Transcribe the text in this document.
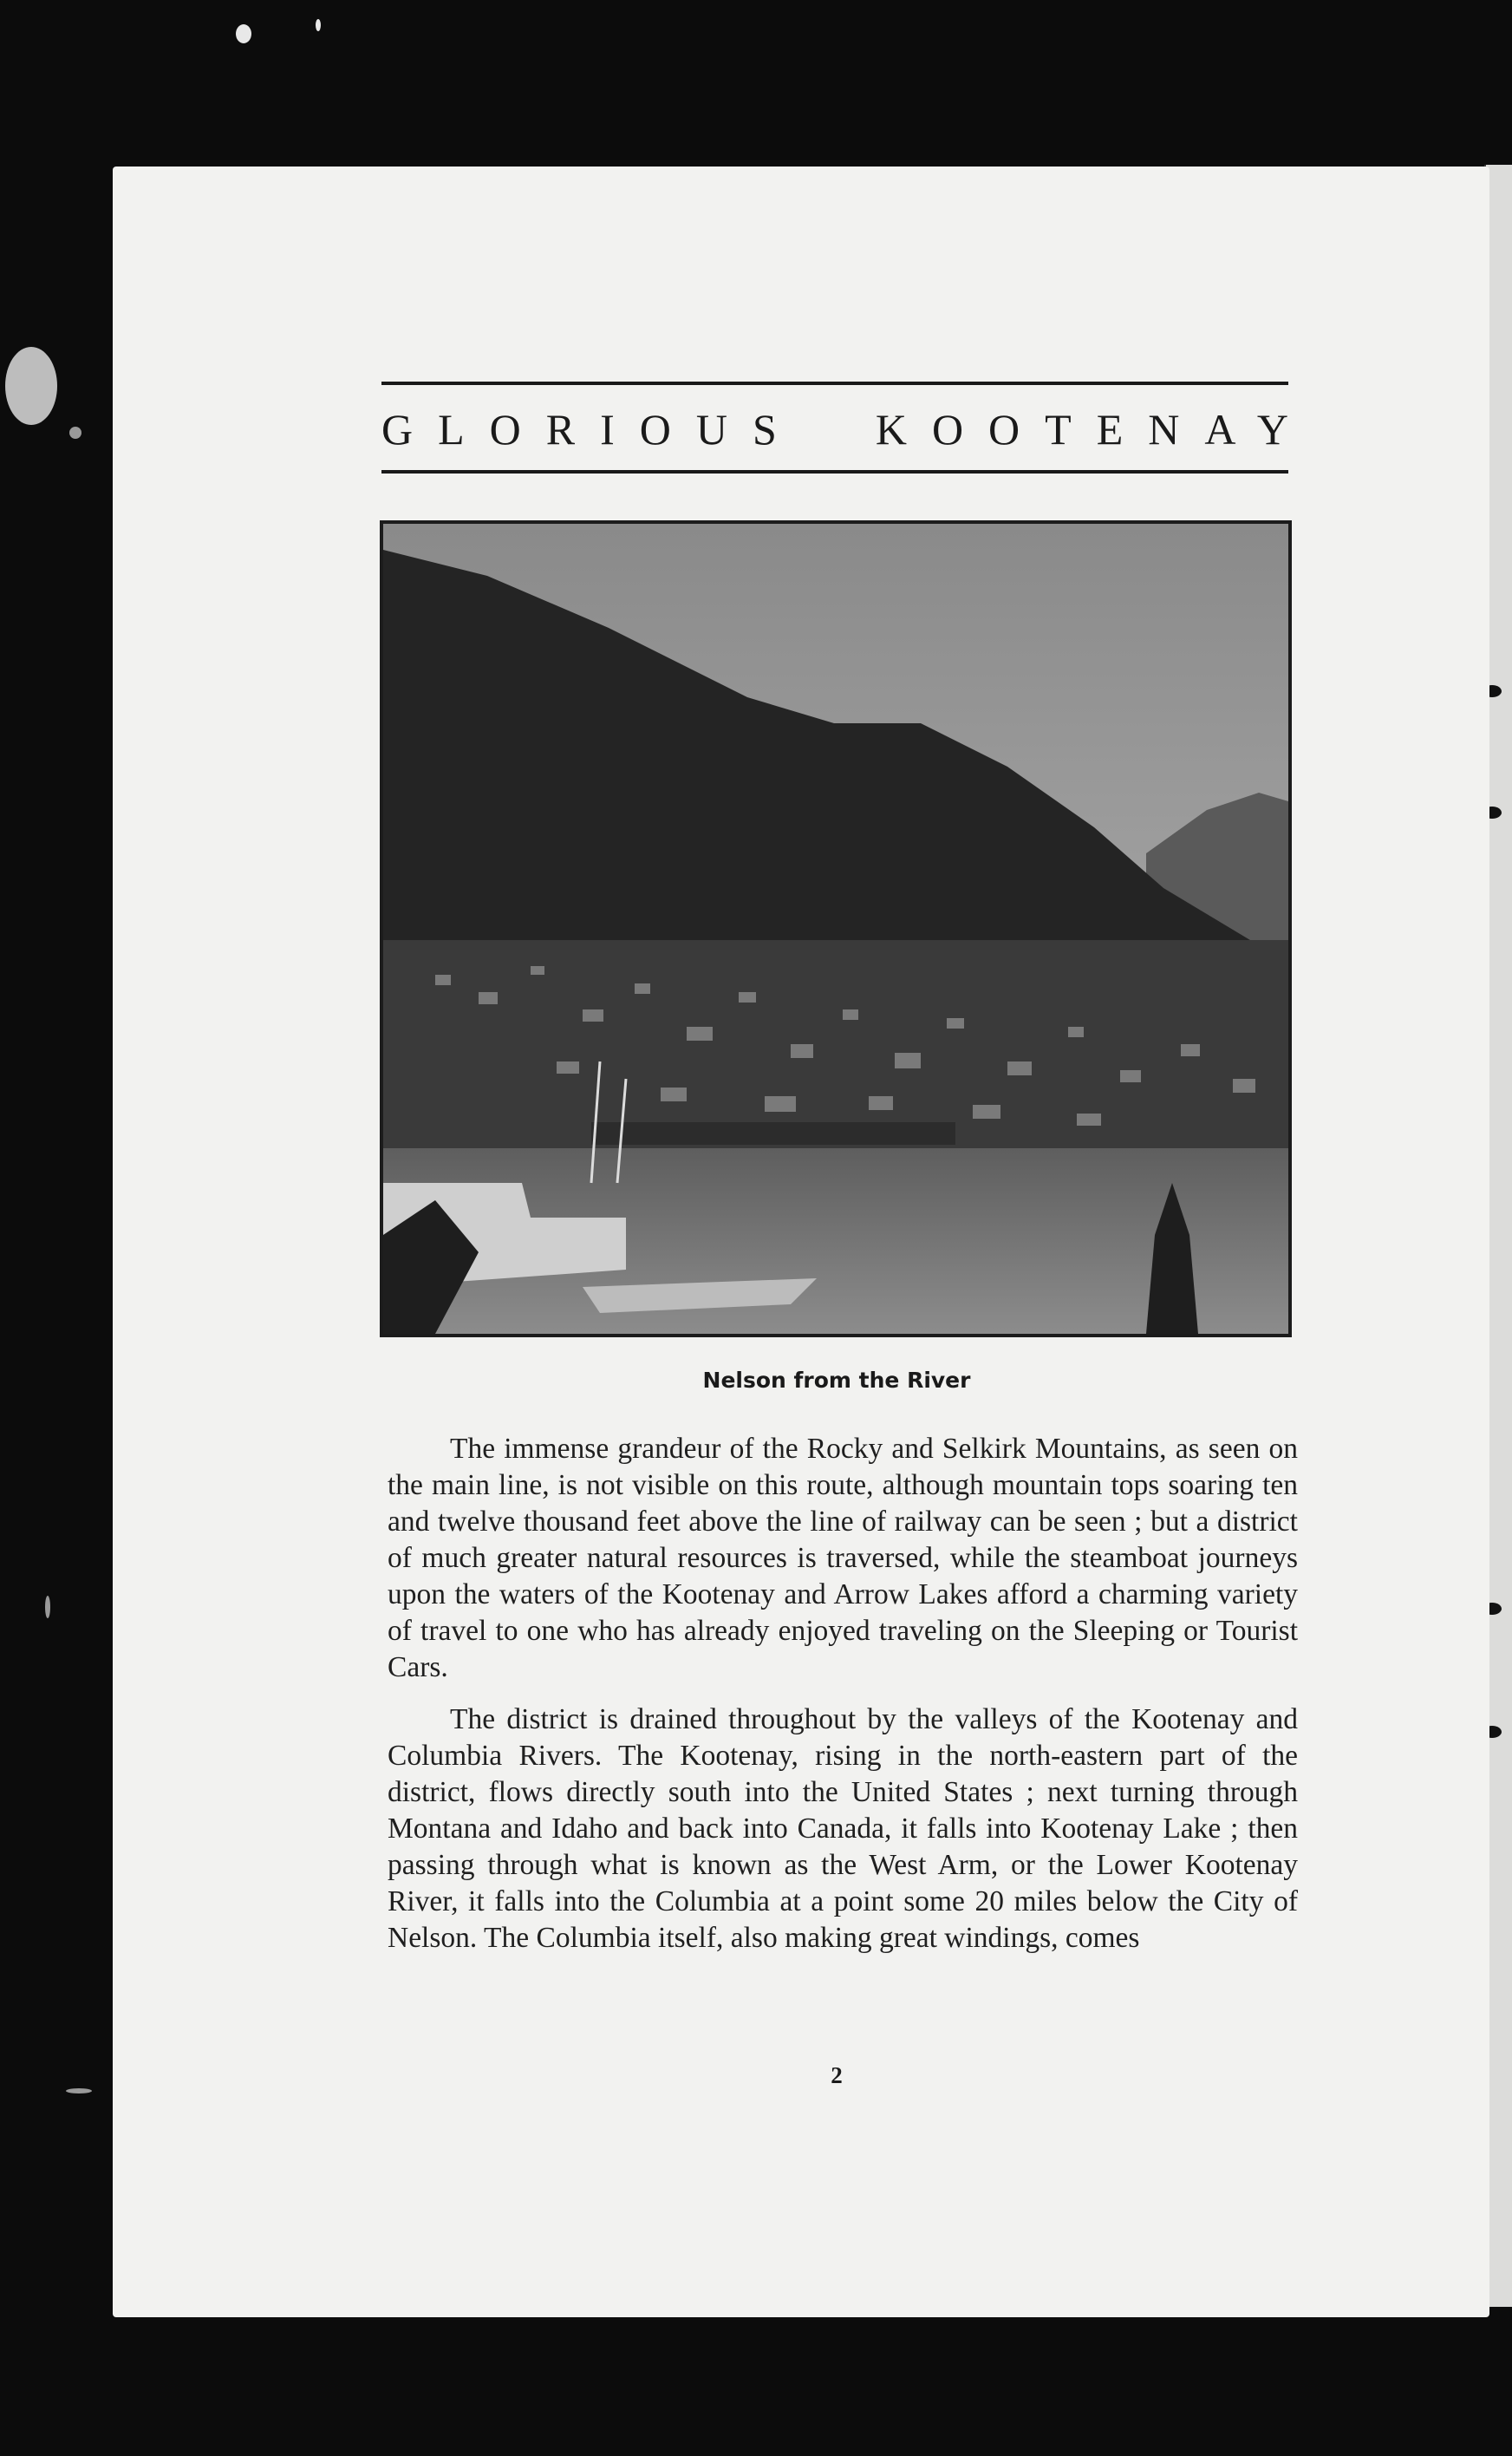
GLORIOUS KOOTENAY
Nelson from the River

The immense grandeur of the Rocky and Selkirk Mountains, as seen on the main line, is not visible on this route, although mountain tops soaring ten and twelve thousand feet above the line of railway can be seen ; but a district of much greater natural resources is traversed, while the steamboat journeys upon the waters of the Kootenay and Arrow Lakes afford a charming variety of travel to one who has already enjoyed traveling on the Sleeping or Tourist Cars.

The district is drained throughout by the valleys of the Kootenay and Columbia Rivers. The Kootenay, rising in the north-eastern part of the district, flows directly south into the United States ; next turning through Montana and Idaho and back into Canada, it falls into Kootenay Lake ; then passing through what is known as the West Arm, or the Lower Kootenay River, it falls into the Columbia at a point some 20 miles below the City of Nelson. The Columbia itself, also making great windings, comes

2
